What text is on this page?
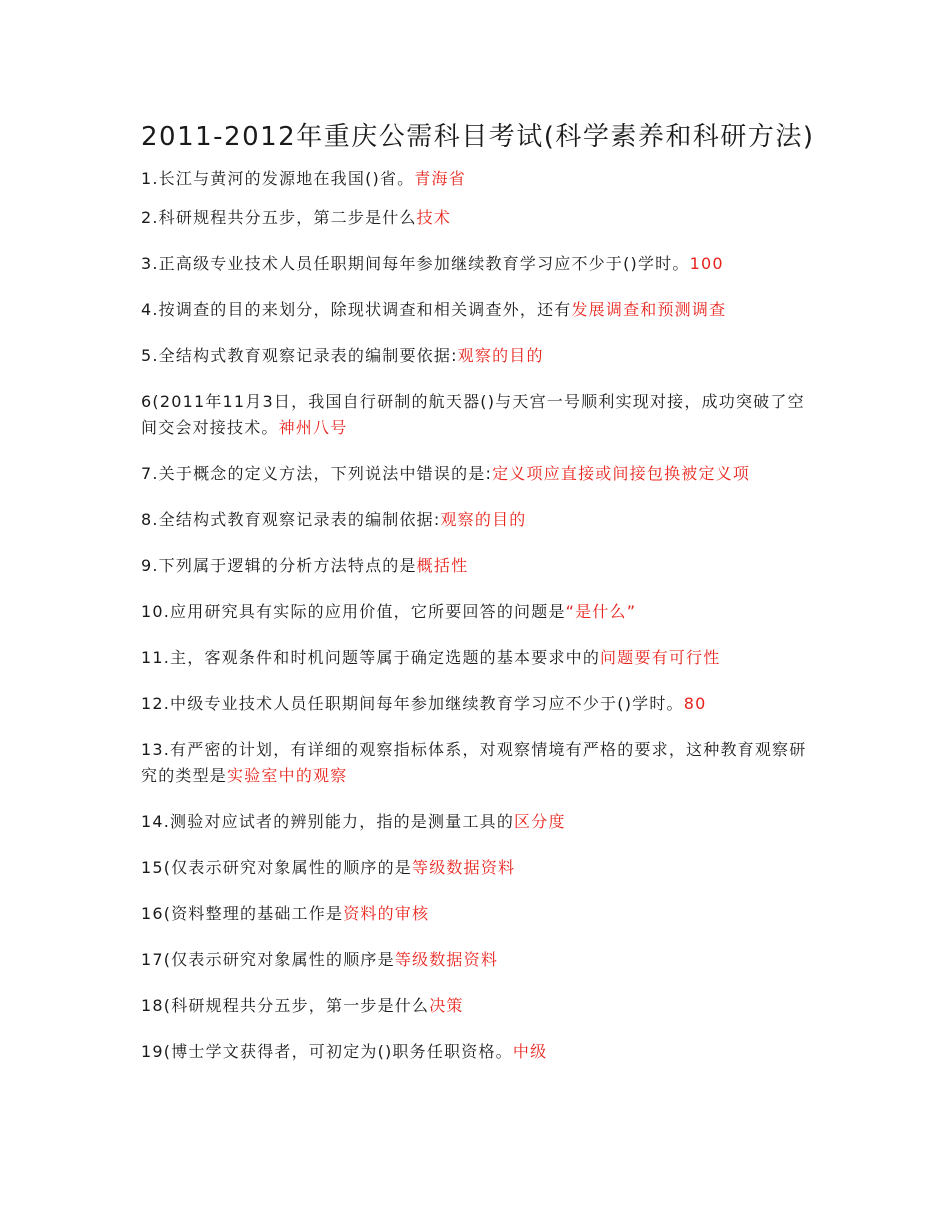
2011-2012年重庆公需科目考试(科学素养和科研方法) 1.长江与黄河的发源地在我国()省。青海省

2.科研规程共分五步，第二步是什么技术

3.正高级专业技术人员任职期间每年参加继续教育学习应不少于()学时。100

4.按调查的目的来划分，除现状调查和相关调查外，还有发展调查和预测调查

5.全结构式教育观察记录表的编制要依据:观察的目的

6(2011年11月3日，我国自行研制的航天器()与天宫一号顺利实现对接，成功突破了空间交会对接技术。神州八号

7.关于概念的定义方法，下列说法中错误的是:定义项应直接或间接包换被定义项

8.全结构式教育观察记录表的编制依据:观察的目的

9.下列属于逻辑的分析方法特点的是概括性

10.应用研究具有实际的应用价值，它所要回答的问题是“是什么”

11.主，客观条件和时机问题等属于确定选题的基本要求中的问题要有可行性

12.中级专业技术人员任职期间每年参加继续教育学习应不少于()学时。80

13.有严密的计划，有详细的观察指标体系，对观察情境有严格的要求，这种教育观察研究的类型是实验室中的观察

14.测验对应试者的辨别能力，指的是测量工具的区分度

15(仅表示研究对象属性的顺序的是等级数据资料

16(资料整理的基础工作是资料的审核

17(仅表示研究对象属性的顺序是等级数据资料

18(科研规程共分五步，第一步是什么决策

19(博士学文获得者，可初定为()职务任职资格。中级
